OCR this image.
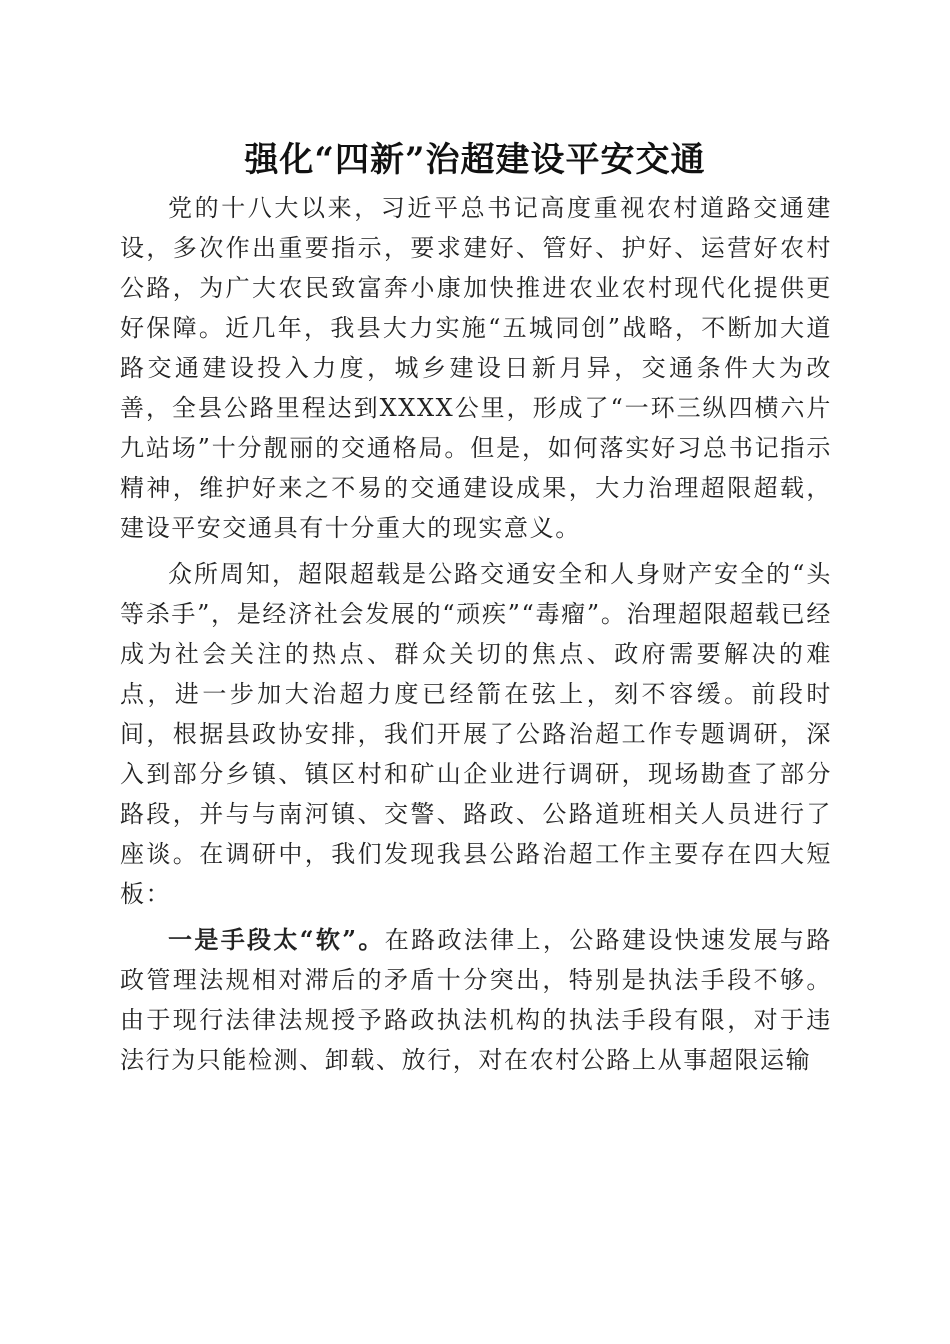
强化“四新”治超建设平安交通

党的十八大以来，习近平总书记高度重视农村道路交通建设，多次作出重要指示，要求建好、管好、护好、运营好农村公路，为广大农民致富奔小康加快推进农业农村现代化提供更好保障。近几年，我县大力实施“五城同创”战略，不断加大道路交通建设投入力度，城乡建设日新月异，交通条件大为改善，全县公路里程达到XXXX公里，形成了“一环三纵四横六片九站场”十分靓丽的交通格局。但是，如何落实好习总书记指示精神，维护好来之不易的交通建设成果，大力治理超限超载，建设平安交通具有十分重大的现实意义。

众所周知，超限超载是公路交通安全和人身财产安全的“头等杀手”，是经济社会发展的“顽疾”“毒瘤”。治理超限超载已经成为社会关注的热点、群众关切的焦点、政府需要解决的难点，进一步加大治超力度已经箭在弦上，刻不容缓。前段时间，根据县政协安排，我们开展了公路治超工作专题调研，深入到部分乡镇、镇区村和矿山企业进行调研，现场勘查了部分路段，并与与南河镇、交警、路政、公路道班相关人员进行了座谈。在调研中，我们发现我县公路治超工作主要存在四大短板：

一是手段太“软”。在路政法律上，公路建设快速发展与路政管理法规相对滞后的矛盾十分突出，特别是执法手段不够。由于现行法律法规授予路政执法机构的执法手段有限，对于违法行为只能检测、卸载、放行，对在农村公路上从事超限运输
